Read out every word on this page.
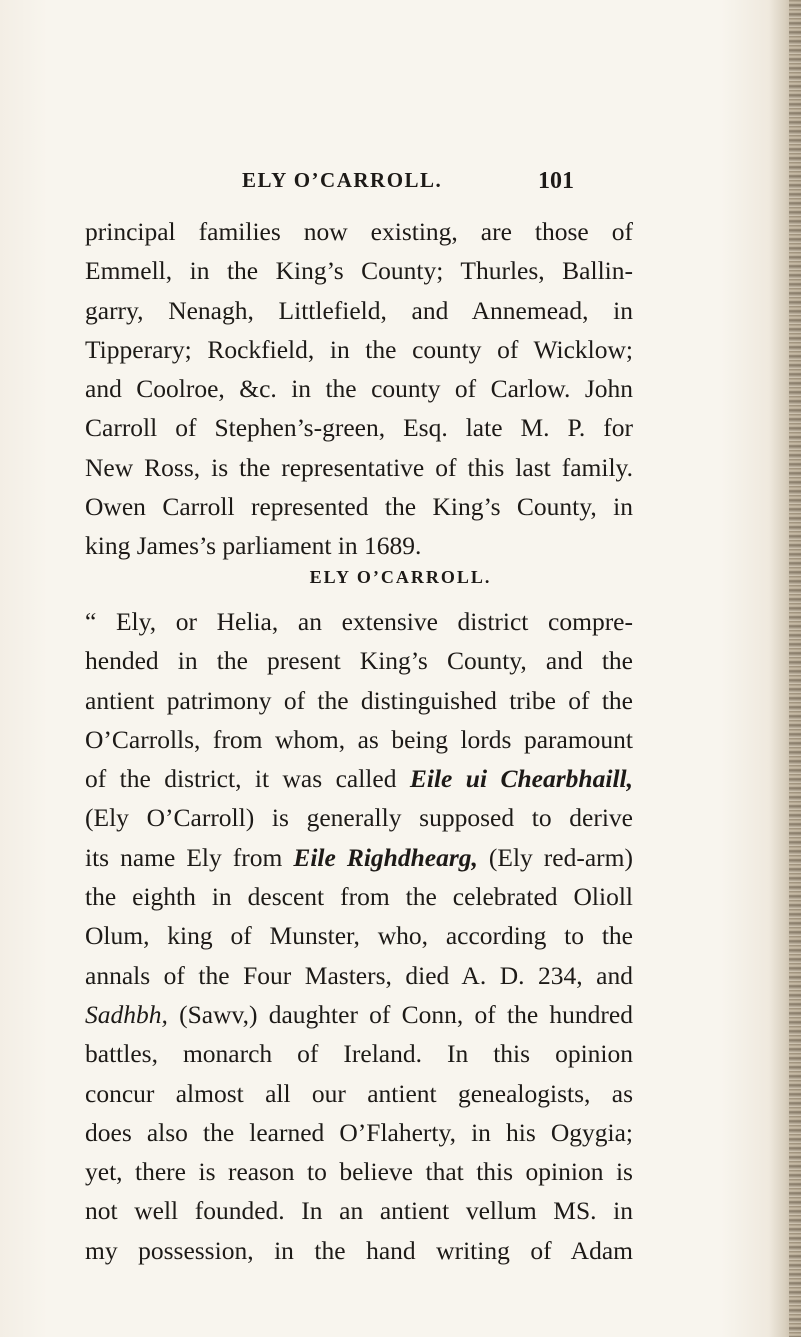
ELY O’CARROLL.	101

principal families now existing, are those of
Emmell, in the King’s County; Thurles, Ballin-
garry, Nenagh, Littlefield, and Annemead, in
Tipperary; Rockfield, in the county of Wicklow;
and Coolroe, &c. in the county of Carlow. John
Carroll of Stephen’s-green, Esq. late M. P. for
New Ross, is the representative of this last family.
Owen Carroll represented the King’s County, in
king James’s parliament in 1689.

ELY O’CARROLL.

“ Ely, or Helia, an extensive district compre-
hended in the present King’s County, and the
antient patrimony of the distinguished tribe of the
O’Carrolls, from whom, as being lords paramount
of the district, it was called Eile ui Chearbhaill,
(Ely O’Carroll) is generally supposed to derive
its name Ely from Eile Righdhearg, (Ely red-arm)
the eighth in descent from the celebrated Olioll
Olum, king of Munster, who, according to the
annals of the Four Masters, died A. D. 234, and
Sadhbh, (Sawv,) daughter of Conn, of the hundred
battles, monarch of Ireland. In this opinion
concur almost all our antient genealogists, as
does also the learned O’Flaherty, in his Ogygia;
yet, there is reason to believe that this opinion is
not well founded. In an antient vellum MS. in
my possession, in the hand writing of Adam
